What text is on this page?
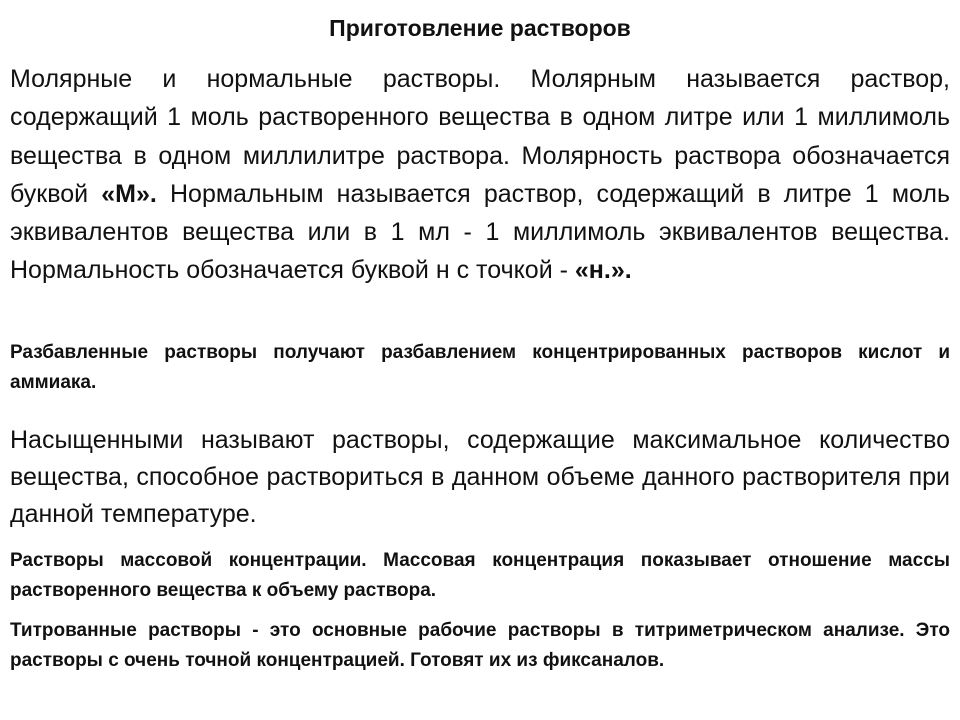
Приготовление растворов

Молярные и нормальные растворы. Молярным называется раствор, содержащий 1 моль растворенного вещества в одном литре или 1 миллимоль вещества в одном миллилитре раствора. Молярность раствора обозначается буквой «М». Нормальным называется раствор, содержащий в литре 1 моль эквивалентов вещества или в 1 мл - 1 миллимоль эквивалентов вещества. Нормальность обозначается буквой н с точкой - «н.».

Разбавленные растворы получают разбавлением концентрированных растворов кислот и аммиака.

Насыщенными называют растворы, содержащие максимальное количество вещества, способное раствориться в данном объеме данного растворителя при данной температуре.

Растворы массовой концентрации. Массовая концентрация показывает отношение массы растворенного вещества к объему раствора.

Титрованные растворы - это основные рабочие растворы в титриметрическом анализе. Это растворы с очень точной концентрацией. Готовят их из фиксаналов.
